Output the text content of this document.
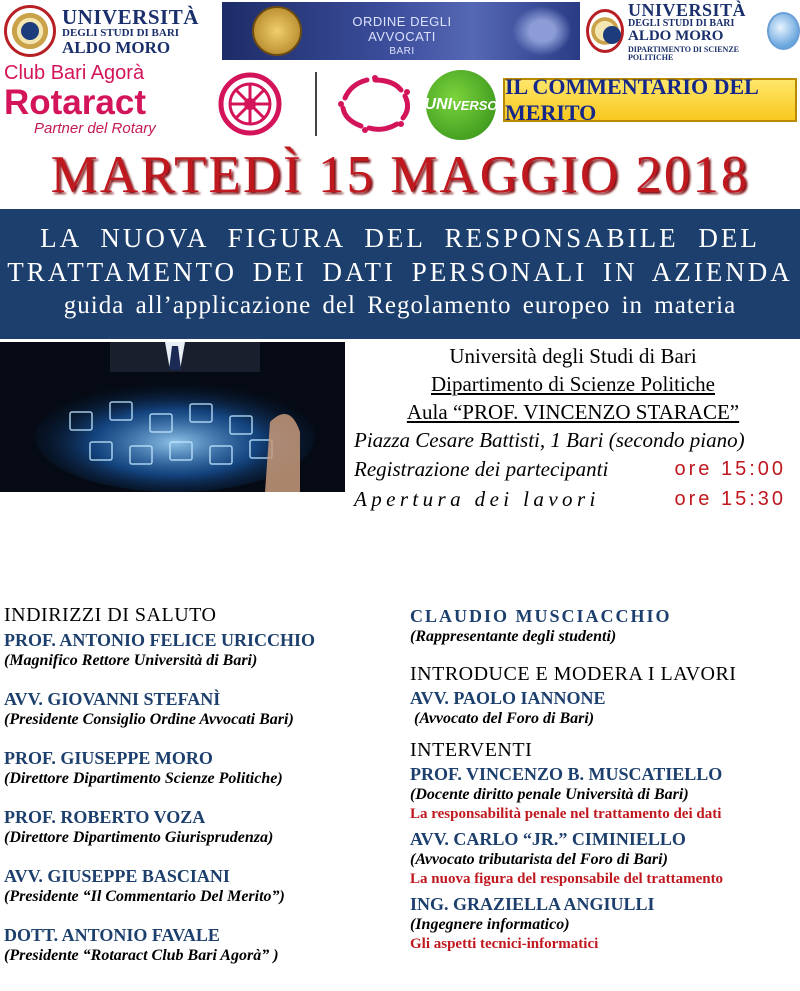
UNIVERSITÀ
DEGLI STUDI DI BARI
ALDO MORO
ORDINE DEGLI AVVOCATI
BARI
UNIVERSITÀ
DEGLI STUDI DI BARI
ALDO MORO
DIPARTIMENTO DI SCIENZE POLITICHE
Club Bari Agorà
Rotaract
Partner del Rotary
UNI VERSO
IL COMMENTARIO DEL MERITO
MARTEDÌ 15 MAGGIO 2018
LA NUOVA FIGURA DEL RESPONSABILE DEL
TRATTAMENTO DEI DATI PERSONALI IN AZIENDA
guida all’applicazione del Regolamento europeo in materia
Università degli Studi di Bari
Dipartimento di Scienze Politiche
Aula “PROF. VINCENZO STARACE”
Piazza Cesare Battisti, 1 Bari (secondo piano)
Registrazione dei partecipanti	ore 15:00
Apertura dei lavori	ore 15:30
INDIRIZZI DI SALUTO
PROF. ANTONIO FELICE URICCHIO
(Magnifico Rettore Università di Bari)
AVV. GIOVANNI STEFANÌ
(Presidente Consiglio Ordine Avvocati Bari)
PROF. GIUSEPPE MORO
(Direttore Dipartimento Scienze Politiche)
PROF. ROBERTO VOZA
(Direttore Dipartimento Giurisprudenza)
AVV. GIUSEPPE BASCIANI
(Presidente “Il Commentario Del Merito”)
DOTT. ANTONIO FAVALE
(Presidente “Rotaract Club Bari Agorà” )
CLAUDIO MUSCIACCHIO
(Rappresentante degli studenti)
INTRODUCE E MODERA I LAVORI
AVV. PAOLO IANNONE
(Avvocato del Foro di Bari)
INTERVENTI
PROF. VINCENZO B. MUSCATIELLO
(Docente diritto penale Università di Bari)
La responsabilità penale nel trattamento dei dati
AVV. CARLO “JR.” CIMINIELLO
(Avvocato tributarista del Foro di Bari)
La nuova figura del responsabile del trattamento
ING. GRAZIELLA ANGIULLI
(Ingegnere informatico)
Gli aspetti tecnici-informatici
